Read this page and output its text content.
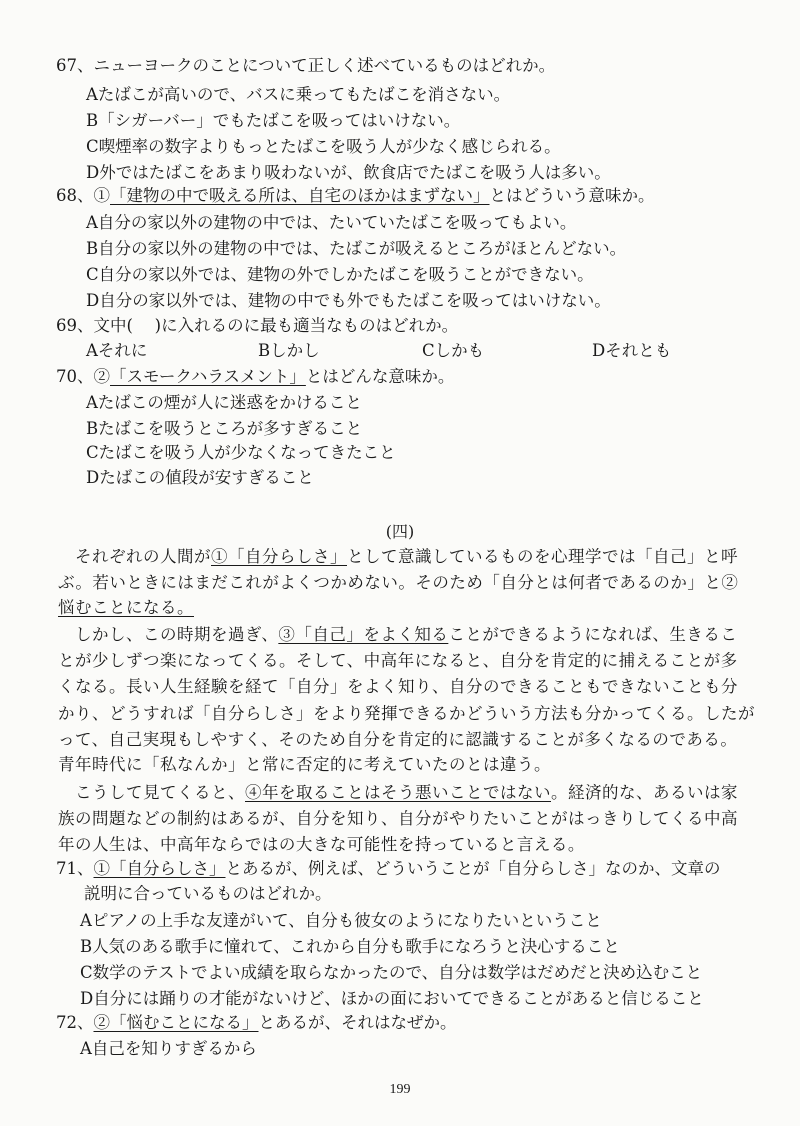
67、ニューヨークのことについて正しく述べているものはどれか。
Aたばこが高いので、バスに乗ってもたばこを消さない。
B「シガーバー」でもたばこを吸ってはいけない。
C喫煙率の数字よりもっとたばこを吸う人が少なく感じられる。
D外ではたばこをあまり吸わないが、飲食店でたばこを吸う人は多い。
68、①「建物の中で吸える所は、自宅のほかはまずない」とはどういう意味か。
A自分の家以外の建物の中では、たいていたばこを吸ってもよい。
B自分の家以外の建物の中では、たばこが吸えるところがほとんどない。
C自分の家以外では、建物の外でしかたばこを吸うことができない。
D自分の家以外では、建物の中でも外でもたばこを吸ってはいけない。
69、文中(　 )に入れるのに最も適当なものはどれか。
Aそれに	Bしかし	Cしかも	Dそれとも
70、②「スモークハラスメント」とはどんな意味か。
Aたばこの煙が人に迷惑をかけること
Bたばこを吸うところが多すぎること
Cたばこを吸う人が少なくなってきたこと
Dたばこの値段が安すぎること
(四)
　それぞれの人間が①「自分らしさ」として意識しているものを心理学では「自己」と呼
ぶ。若いときにはまだこれがよくつかめない。そのため「自分とは何者であるのか」と②
悩むことになる。
　しかし、この時期を過ぎ、③「自己」をよく知ることができるようになれば、生きるこ
とが少しずつ楽になってくる。そして、中高年になると、自分を肯定的に捕えることが多
くなる。長い人生経験を経て「自分」をよく知り、自分のできることもできないことも分
かり、どうすれば「自分らしさ」をより発揮できるかどういう方法も分かってくる。したが
って、自己実現もしやすく、そのため自分を肯定的に認識することが多くなるのである。
青年時代に「私なんか」と常に否定的に考えていたのとは違う。
　こうして見てくると、④年を取ることはそう悪いことではない。経済的な、あるいは家
族の問題などの制約はあるが、自分を知り、自分がやりたいことがはっきりしてくる中高
年の人生は、中高年ならではの大きな可能性を持っていると言える。
71、①「自分らしさ」とあるが、例えば、どういうことが「自分らしさ」なのか、文章の
説明に合っているものはどれか。
Aピアノの上手な友達がいて、自分も彼女のようになりたいということ
B人気のある歌手に憧れて、これから自分も歌手になろうと決心すること
C数学のテストでよい成績を取らなかったので、自分は数学はだめだと決め込むこと
D自分には踊りの才能がないけど、ほかの面においてできることがあると信じること
72、②「悩むことになる」とあるが、それはなぜか。
A自己を知りすぎるから
199
